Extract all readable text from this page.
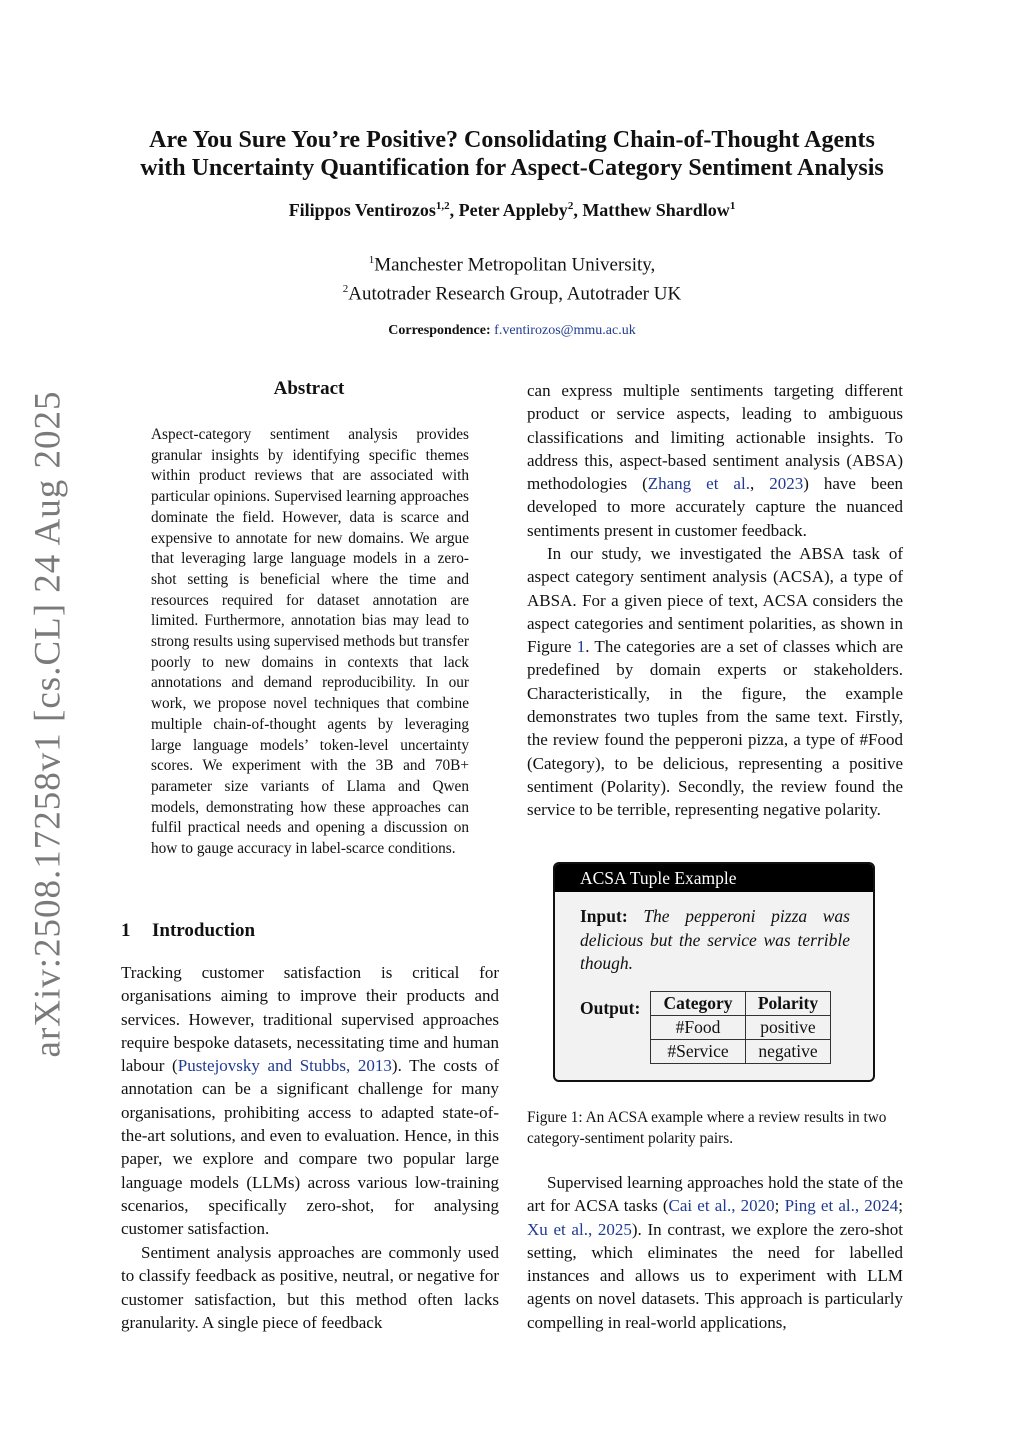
arXiv:2508.17258v1 [cs.CL] 24 Aug 2025
Are You Sure You’re Positive? Consolidating Chain-of-Thought Agents
with Uncertainty Quantification for Aspect-Category Sentiment Analysis
Filippos Ventirozos$^{1,2}$, Peter Appleby$^2$, Matthew Shardlow$^1$
$^1$Manchester Metropolitan University,
$^2$Autotrader Research Group, Autotrader UK
Correspondence: f.ventirozos@mmu.ac.uk
Abstract
Aspect-category sentiment analysis provides granular insights by identifying specific themes within product reviews that are associated with particular opinions. Supervised learning approaches dominate the field. However, data is scarce and expensive to annotate for new domains. We argue that leveraging large language models in a zero-shot setting is beneficial where the time and resources required for dataset annotation are limited. Furthermore, annotation bias may lead to strong results using supervised methods but transfer poorly to new domains in contexts that lack annotations and demand reproducibility. In our work, we propose novel techniques that combine multiple chain-of-thought agents by leveraging large language models’ token-level uncertainty scores. We experiment with the 3B and 70B+ parameter size variants of Llama and Qwen models, demonstrating how these approaches can fulfil practical needs and opening a discussion on how to gauge accuracy in label-scarce conditions.
1 Introduction

Tracking customer satisfaction is critical for organisations aiming to improve their products and services. However, traditional supervised approaches require bespoke datasets, necessitating time and human labour (Pustejovsky and Stubbs, 2013). The costs of annotation can be a significant challenge for many organisations, prohibiting access to adapted state-of-the-art solutions, and even to evaluation. Hence, in this paper, we explore and compare two popular large language models (LLMs) across various low-training scenarios, specifically zero-shot, for analysing customer satisfaction.

Sentiment analysis approaches are commonly used to classify feedback as positive, neutral, or negative for customer satisfaction, but this method often lacks granularity. A single piece of feedback

can express multiple sentiments targeting different product or service aspects, leading to ambiguous classifications and limiting actionable insights. To address this, aspect-based sentiment analysis (ABSA) methodologies (Zhang et al., 2023) have been developed to more accurately capture the nuanced sentiments present in customer feedback.

In our study, we investigated the ABSA task of aspect category sentiment analysis (ACSA), a type of ABSA. For a given piece of text, ACSA considers the aspect categories and sentiment polarities, as shown in Figure 1. The categories are a set of classes which are predefined by domain experts or stakeholders. Characteristically, in the figure, the example demonstrates two tuples from the same text. Firstly, the review found the pepperoni pizza, a type of #Food (Category), to be delicious, representing a positive sentiment (Polarity). Secondly, the review found the service to be terrible, representing negative polarity.

ACSA Tuple Example
Input: The pepperoni pizza was delicious but the service was terrible though.
Output: Category	Polarity
#Food	positive
#Service	negative
Figure 1: An ACSA example where a review results in two category-sentiment polarity pairs.

Supervised learning approaches hold the state of the art for ACSA tasks (Cai et al., 2020; Ping et al., 2024; Xu et al., 2025). In contrast, we explore the zero-shot setting, which eliminates the need for labelled instances and allows us to experiment with LLM agents on novel datasets. This approach is particularly compelling in real-world applications,
